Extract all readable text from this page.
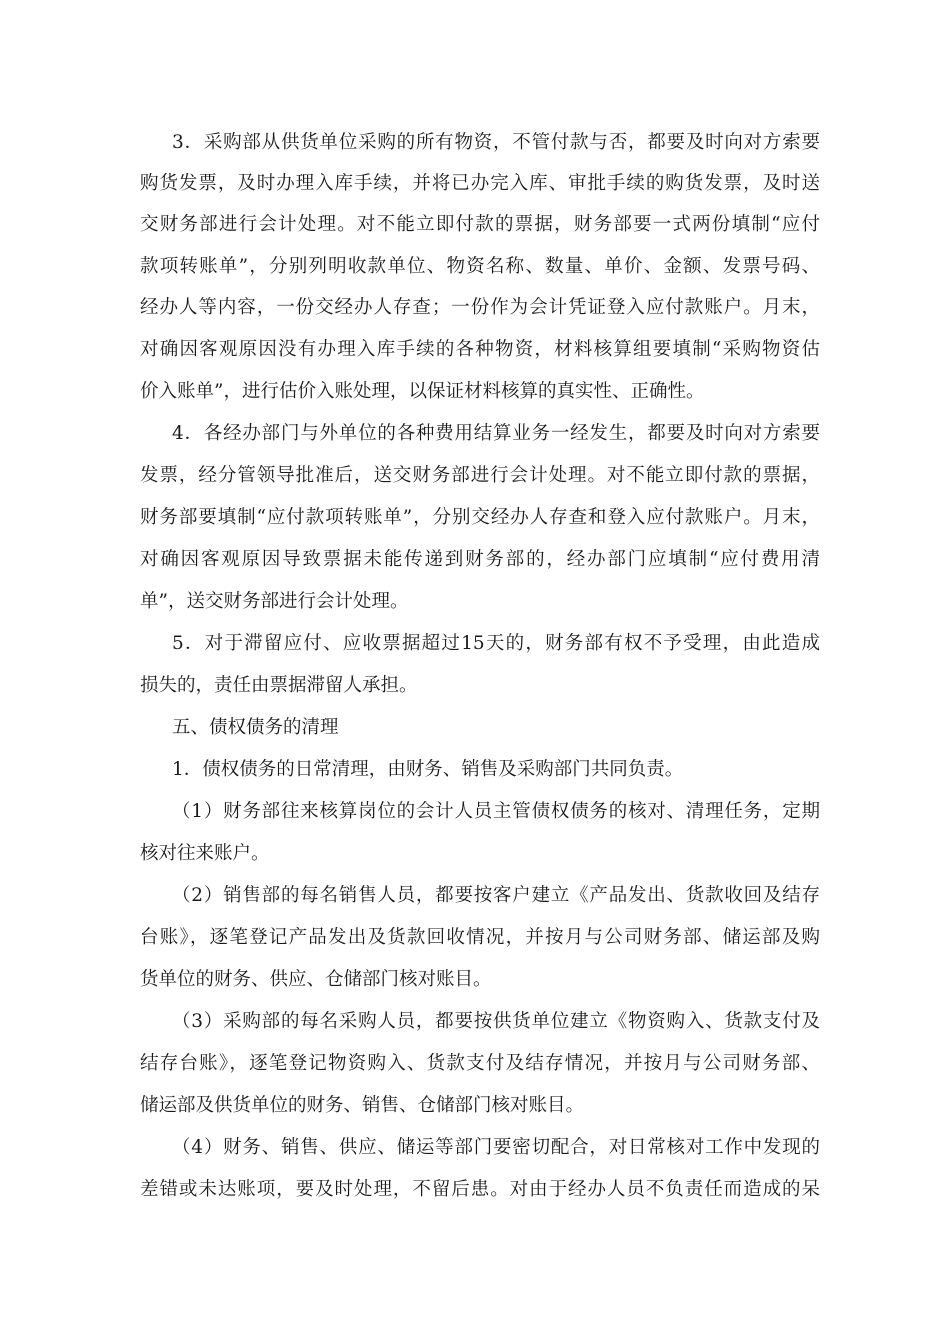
3．采购部从供货单位采购的所有物资，不管付款与否，都要及时向对方索要
购货发票，及时办理入库手续，并将已办完入库、审批手续的购货发票，及时送
交财务部进行会计处理。对不能立即付款的票据，财务部要一式两份填制“应付
款项转账单”，分别列明收款单位、物资名称、数量、单价、金额、发票号码、
经办人等内容，一份交经办人存查；一份作为会计凭证登入应付款账户。月末，
对确因客观原因没有办理入库手续的各种物资，材料核算组要填制“采购物资估
价入账单”，进行估价入账处理，以保证材料核算的真实性、正确性。
4．各经办部门与外单位的各种费用结算业务一经发生，都要及时向对方索要
发票，经分管领导批准后，送交财务部进行会计处理。对不能立即付款的票据，
财务部要填制“应付款项转账单”，分别交经办人存查和登入应付款账户。月末，
对确因客观原因导致票据未能传递到财务部的，经办部门应填制“应付费用清
单”，送交财务部进行会计处理。
5．对于滞留应付、应收票据超过15天的，财务部有权不予受理，由此造成
损失的，责任由票据滞留人承担。
五、债权债务的清理
1．债权债务的日常清理，由财务、销售及采购部门共同负责。
（1）财务部往来核算岗位的会计人员主管债权债务的核对、清理任务，定期
核对往来账户。
（2）销售部的每名销售人员，都要按客户建立《产品发出、货款收回及结存
台账》，逐笔登记产品发出及货款回收情况，并按月与公司财务部、储运部及购
货单位的财务、供应、仓储部门核对账目。
（3）采购部的每名采购人员，都要按供货单位建立《物资购入、货款支付及
结存台账》，逐笔登记物资购入、货款支付及结存情况，并按月与公司财务部、
储运部及供货单位的财务、销售、仓储部门核对账目。
（4）财务、销售、供应、储运等部门要密切配合，对日常核对工作中发现的
差错或未达账项，要及时处理，不留后患。对由于经办人员不负责任而造成的呆
